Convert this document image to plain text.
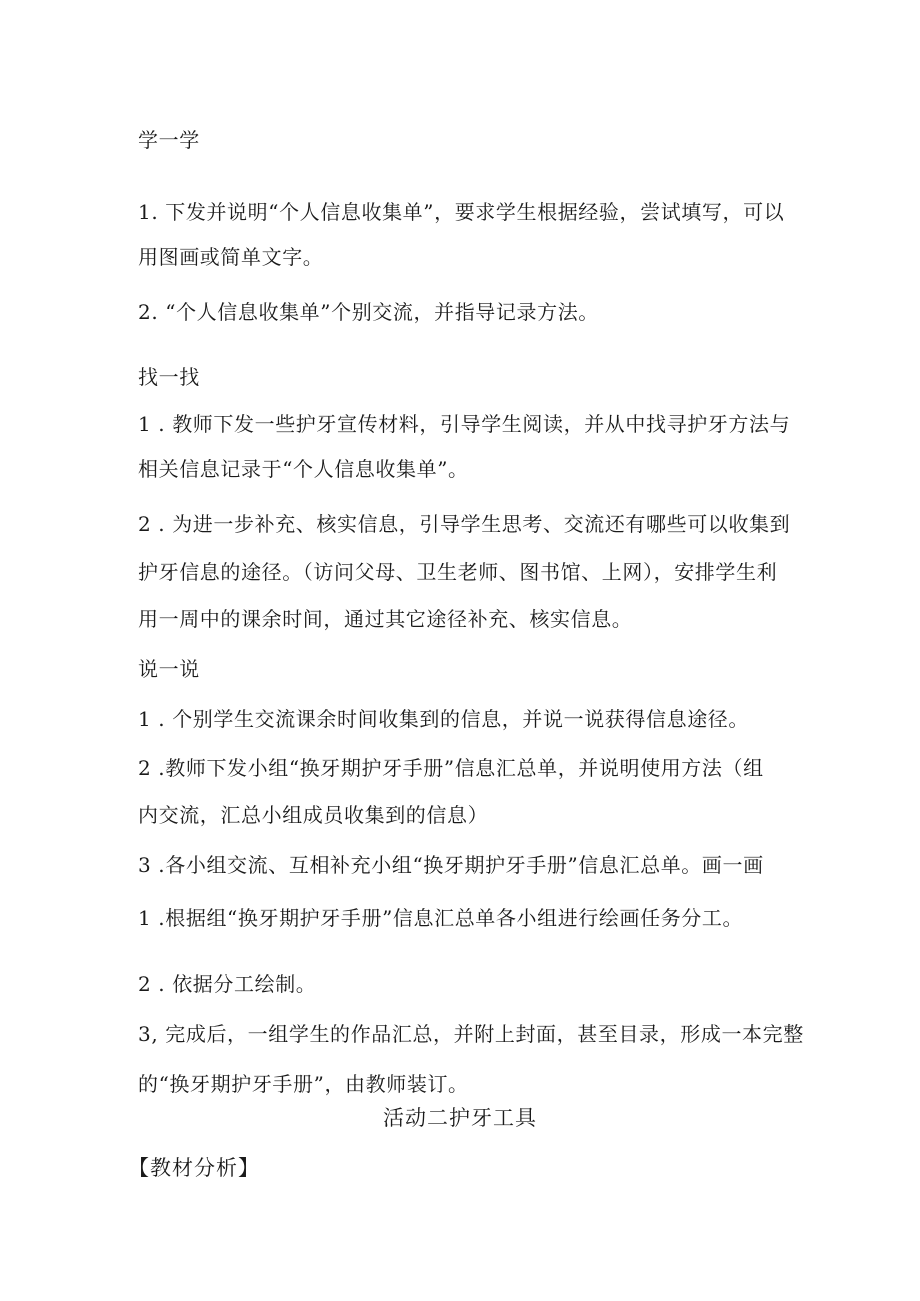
学一学
1. 下发并说明“个人信息收集单”，要求学生根据经验，尝试填写，可以
用图画或简单文字。
2. “个人信息收集单”个别交流，并指导记录方法。
找一找
1 . 教师下发一些护牙宣传材料，引导学生阅读，并从中找寻护牙方法与
相关信息记录于“个人信息收集单”。
2 . 为进一步补充、核实信息，引导学生思考、交流还有哪些可以收集到
护牙信息的途径。（访问父母、卫生老师、图书馆、上网），安排学生利
用一周中的课余时间，通过其它途径补充、核实信息。
说一说
1 . 个别学生交流课余时间收集到的信息，并说一说获得信息途径。
2 .教师下发小组“换牙期护牙手册”信息汇总单，并说明使用方法（组
内交流，汇总小组成员收集到的信息）
3 .各小组交流、互相补充小组“换牙期护牙手册”信息汇总单。画一画
1 .根据组“换牙期护牙手册”信息汇总单各小组进行绘画任务分工。
2 . 依据分工绘制。
3, 完成后，一组学生的作品汇总，并附上封面，甚至目录，形成一本完整
的“换牙期护牙手册”，由教师装订。
活动二护牙工具
【教材分析】
